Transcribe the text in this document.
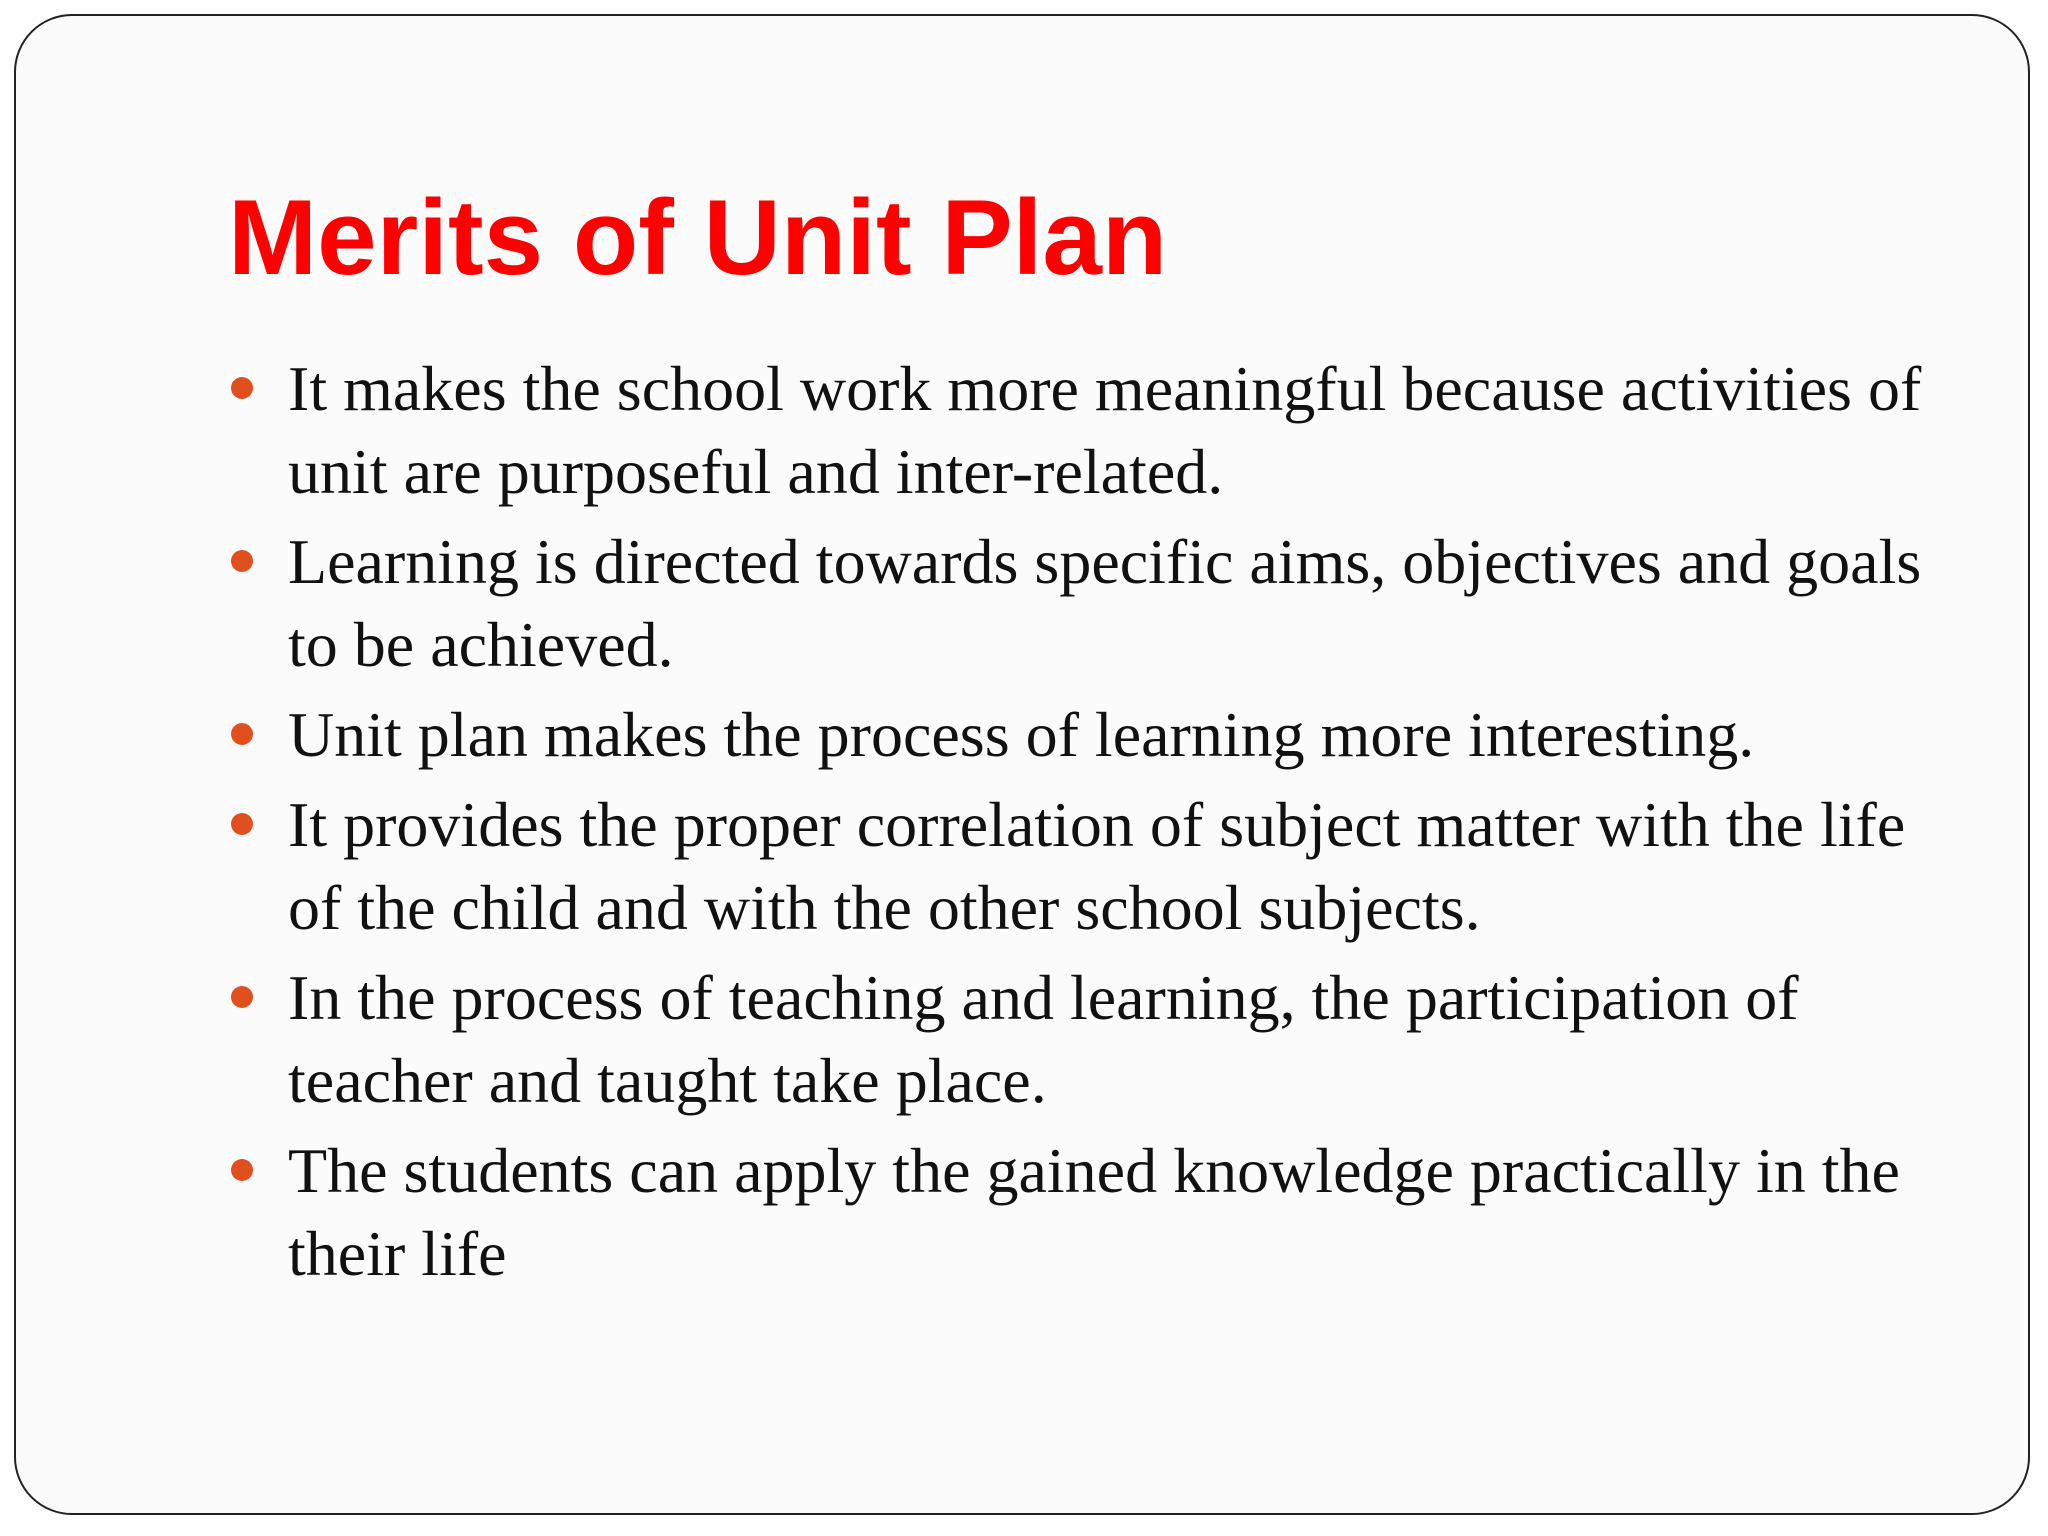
Merits of Unit Plan
It makes the school work more meaningful because activities of unit are purposeful and inter-related.
Learning is directed towards specific aims, objectives and goals to be achieved.
Unit plan makes the process of learning more interesting.
It provides the proper correlation of subject matter with the life of the child and with the other school subjects.
In the process of teaching and learning, the participation of teacher and taught take place.
The students can apply the gained knowledge practically in the their life
